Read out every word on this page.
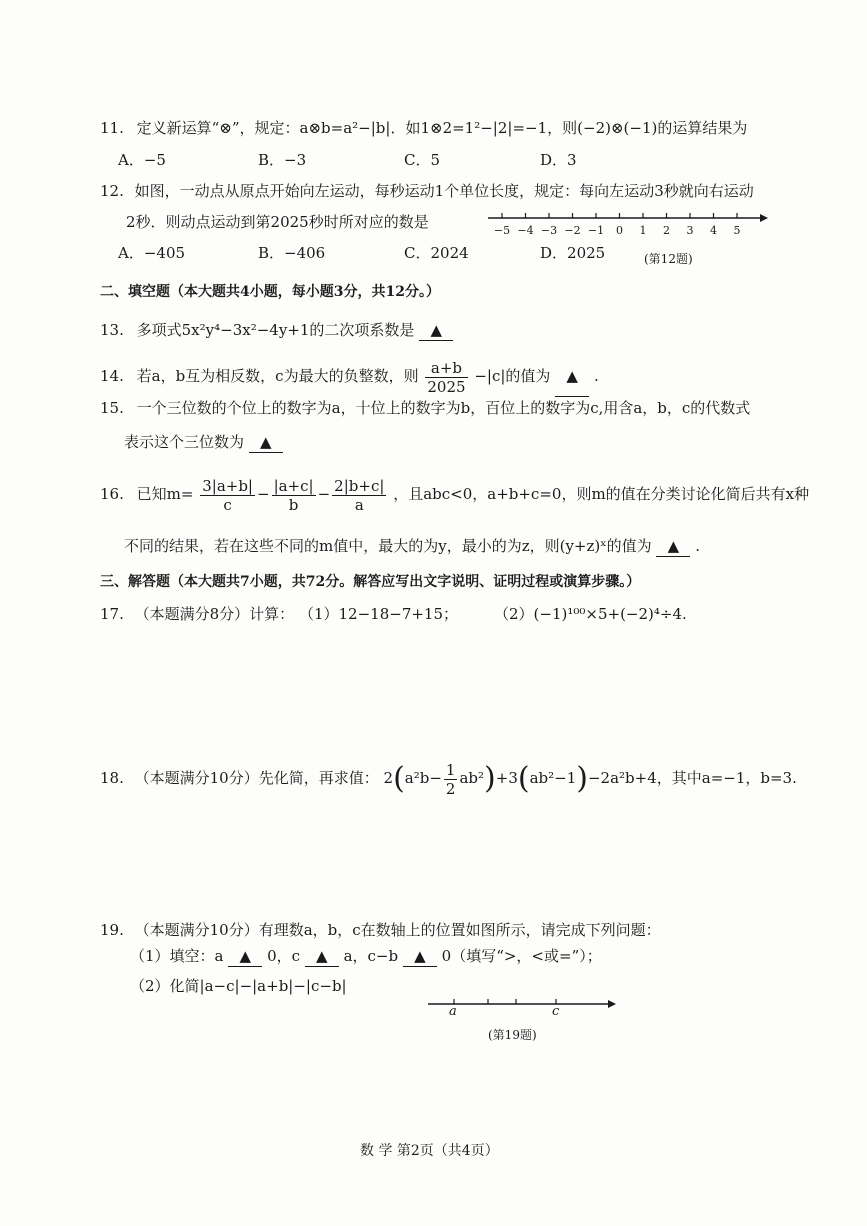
11. 定义新运算“⊗”，规定：a⊗b=a²−|b|．如1⊗2=1²−|2|=−1，则(−2)⊗(−1)的运算结果为
A．−5	B．−3	C．5	D．3
12. 如图，一动点从原点开始向左运动，每秒运动1个单位长度，规定：每向左运动3秒就向右运动
2秒．则动点运动到第2025秒时所对应的数是
A．−405	B．−406	C．2024	D．2025
−5 −4 −3 −2 −1 0 1 2 3 4 5
(第12题)
二、填空题（本大题共4小题，每小题3分，共12分。）
13. 多项式5x²y⁴−3x²−4y+1的二次项系数是 ▲
14. 若a，b互为相反数，c为最大的负整数，则 $\frac{a+b}{2025} -|c|$的值为 ▲ .
15. 一个三位数的个位上的数字为a，十位上的数字为b，百位上的数字为c,用含a，b，c的代数式
表示这个三位数为 ▲
16. 已知$m= \frac{3|a+b|}{c} - \frac{|a+c|}{b} - \frac{2|b+c|}{a}$ ，且abc<0，a+b+c=0，则m的值在分类讨论化简后共有x种
不同的结果，若在这些不同的m值中，最大的为y，最小的为z，则(y+z)ˣ的值为 ▲ .
三、解答题（本大题共7小题，共72分。解答应写出文字说明、证明过程或演算步骤。）
17. （本题满分8分）计算： （1）12−18−7+15； （2）(−1)¹⁰⁰×5+(−2)⁴÷4.
18. （本题满分10分）先化简，再求值： $2(a^2b- \frac{1}{2} ab^2)+3(ab^2-1)-2a^2b+4$，其中a=−1，b=3.
19. （本题满分10分）有理数a，b，c在数轴上的位置如图所示，请完成下列问题：
（1）填空：a ▲ 0，c ▲ a，c−b ▲ 0（填写“>，<或=”）；
（2）化简|a−c|−|a+b|−|c−b|
a	c
(第19题)
数 学 第2页（共4页）
